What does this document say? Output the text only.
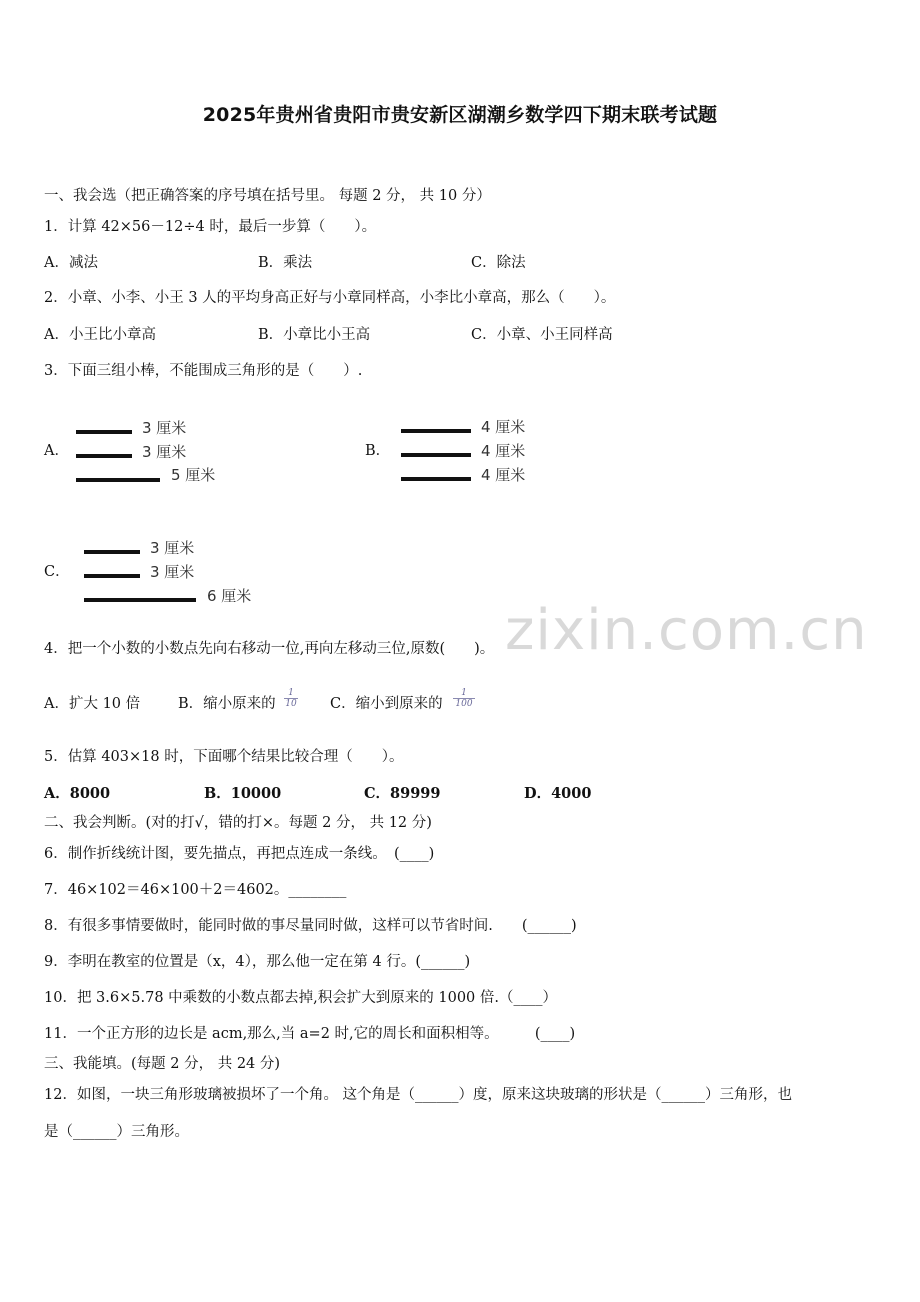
2025年贵州省贵阳市贵安新区湖潮乡数学四下期末联考试题
zixin.com.cn
一、我会选（把正确答案的序号填在括号里。 每题 2 分， 共 10 分）
1．计算 42×56－12÷4 时，最后一步算（　　）。
A．减法	B．乘法	C．除法
2．小章、小李、小王 3 人的平均身高正好与小章同样高，小李比小章高，那么（　　）。
A．小王比小章高	B．小章比小王高	C．小章、小王同样高
3．下面三组小棒，不能围成三角形的是（　　）.
A．
3 厘米
3 厘米
5 厘米
B．
4 厘米
4 厘米
4 厘米
C．
3 厘米
3 厘米
6 厘米
4．把一个小数的小数点先向右移动一位,再向左移动三位,原数(　　)。
A．扩大 10 倍	B．缩小原来的 $\frac{1}{10}$ C．缩小到原来的 $\frac{1}{100}$
5．估算 403×18 时，下面哪个结果比较合理（　　）。
A．8000	B．10000	C．89999	D．4000
二、我会判断。(对的打√，错的打×。每题 2 分， 共 12 分)
6．制作折线统计图，要先描点，再把点连成一条线。　(____)
7．46×102＝46×100＋2＝4602。________
8．有很多事情要做时，能同时做的事尽量同时做，这样可以节省时间.　　(______)
9．李明在教室的位置是（x，4），那么他一定在第 4 行。(______)
10．把 3.6×5.78 中乘数的小数点都去掉,积会扩大到原来的 1000 倍.（____）
11．一个正方形的边长是 acm,那么,当 a=2 时,它的周长和面积相等。　　　(____)
三、我能填。(每题 2 分， 共 24 分)
12．如图，一块三角形玻璃被损坏了一个角。 这个角是（______）度，原来这块玻璃的形状是（______）三角形，也
是（______）三角形。
